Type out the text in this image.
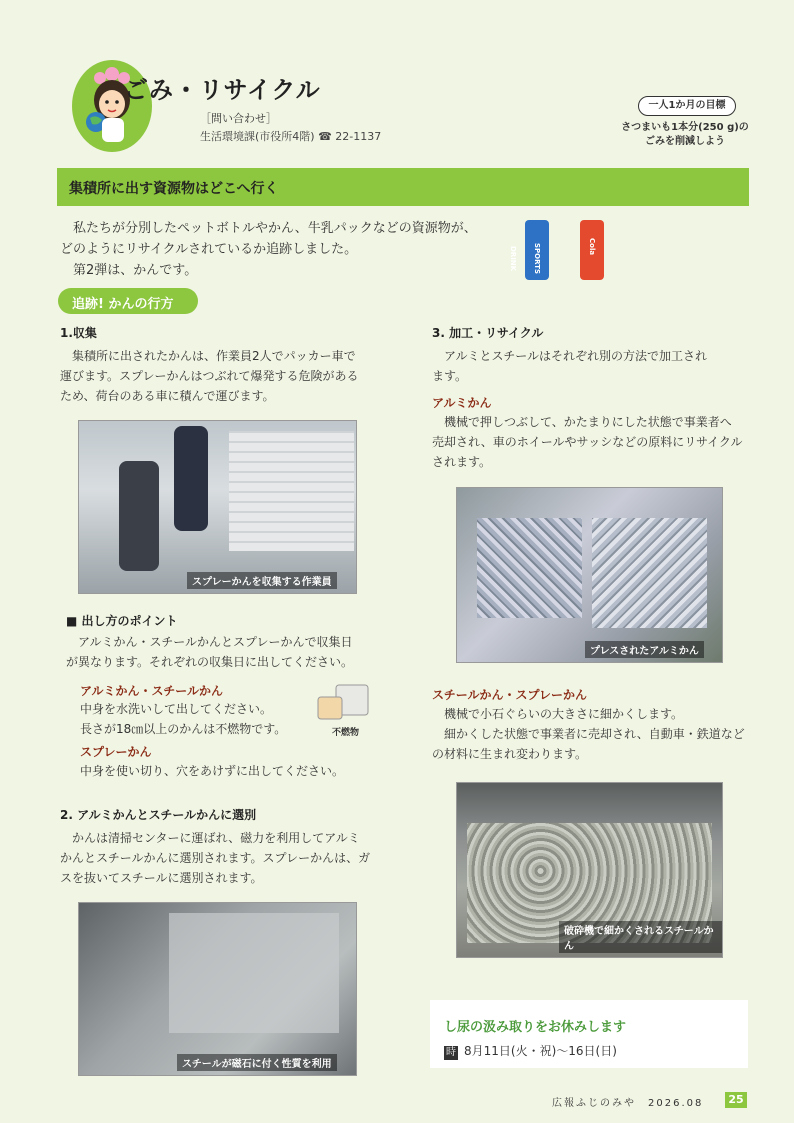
ごみ・リサイクル
［問い合わせ］
生活環境課(市役所4階) ☎ 22-1137
一人1か月の目標
さつまいも1本分(250 g)の
ごみを削減しよう
集積所に出す資源物はどこへ行く

私たちが分別したペットボトルやかん、牛乳パックなどの資源物が、

どのようにリサイクルされているか追跡しました。

第2弾は、かんです。	SPORTS DRINK	Cola
追跡! かんの行方
1.収集

集積所に出されたかんは、作業員2人でパッカー車で

運びます。スプレーかんはつぶれて爆発する危険がある

ため、荷台のある車に積んで運びます。

スプレーかんを収集する作業員
■ 出し方のポイント

アルミかん・スチールかんとスプレーかんで収集日

が異なります。それぞれの収集日に出してください。

アルミかん・スチールかん
中身を水洗いして出してください。
長さが18㎝以上のかんは不燃物です。
スプレーかん
中身を使い切り、穴をあけずに出してください。
不燃物
2. アルミかんとスチールかんに選別

かんは清掃センターに運ばれ、磁力を利用してアルミ

かんとスチールかんに選別されます。スプレーかんは、ガ

スを抜いてスチールに選別されます。

スチールが磁石に付く性質を利用
3. 加工・リサイクル

アルミとスチールはそれぞれ別の方法で加工され

ます。

アルミかん

機械で押しつぶして、かたまりにした状態で事業者へ

売却され、車のホイールやサッシなどの原料にリサイクル

されます。

プレスされたアルミかん
スチールかん・スプレーかん

機械で小石ぐらいの大きさに細かくします。

細かくした状態で事業者に売却され、自動車・鉄道など

の材料に生まれ変わります。

破砕機で細かくされるスチールかん
し尿の汲み取りをお休みします
時 8月11日(火・祝)～16日(日)
広報ふじのみや　2026.08	25
